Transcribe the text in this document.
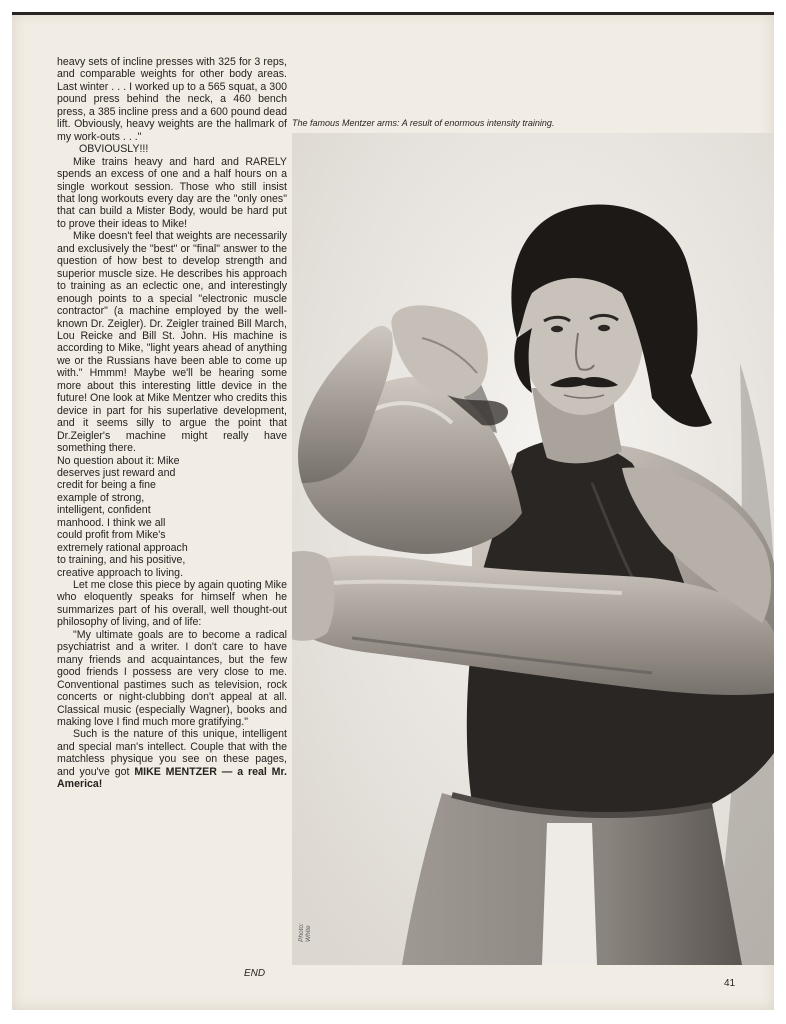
heavy sets of incline presses with 325 for 3 reps, and comparable weights for other body areas. Last winter . . . I worked up to a 565 squat, a 300 pound press behind the neck, a 460 bench press, a 385 incline press and a 600 pound dead lift. Obviously, heavy weights are the hallmark of my work-outs . . ."

OBVIOUSLY!!!

Mike trains heavy and hard and RARELY spends an excess of one and a half hours on a single workout session. Those who still insist that long workouts every day are the "only ones" that can build a Mister Body, would be hard put to prove their ideas to Mike!

Mike doesn't feel that weights are necessarily and exclusively the "best" or "final" answer to the question of how best to develop strength and superior muscle size. He describes his approach to training as an eclectic one, and interestingly enough points to a special "electronic muscle contractor" (a machine employed by the well-known Dr. Zeigler). Dr. Zeigler trained Bill March, Lou Reicke and Bill St. John. His machine is according to Mike, "light years ahead of anything we or the Russians have been able to come up with." Hmmm! Maybe we'll be hearing some more about this interesting little device in the future! One look at Mike Mentzer who credits this device in part for his superlative development, and it seems silly to argue the point that Dr.Zeigler's machine might really have something there.

No question about it: Mike deserves just reward and credit for being a fine example of strong, intelligent, confident manhood. I think we all could profit from Mike's extremely rational approach to training, and his positive, creative approach to living.

Let me close this piece by again quoting Mike who eloquently speaks for himself when he summarizes part of his overall, well thought-out philosophy of living, and of life:

"My ultimate goals are to become a radical psychiatrist and a writer. I don't care to have many friends and acquaintances, but the few good friends I possess are very close to me. Conventional pastimes such as television, rock concerts or night-clubbing don't appeal at all. Classical music (especially Wagner), books and making love I find much more gratifying."

Such is the nature of this unique, intelligent and special man's intellect. Couple that with the matchless physique you see on these pages, and you've got MIKE MENTZER — a real Mr. America!

The famous Mentzer arms: A result of enormous intensity training.
Photo: White
END
41
